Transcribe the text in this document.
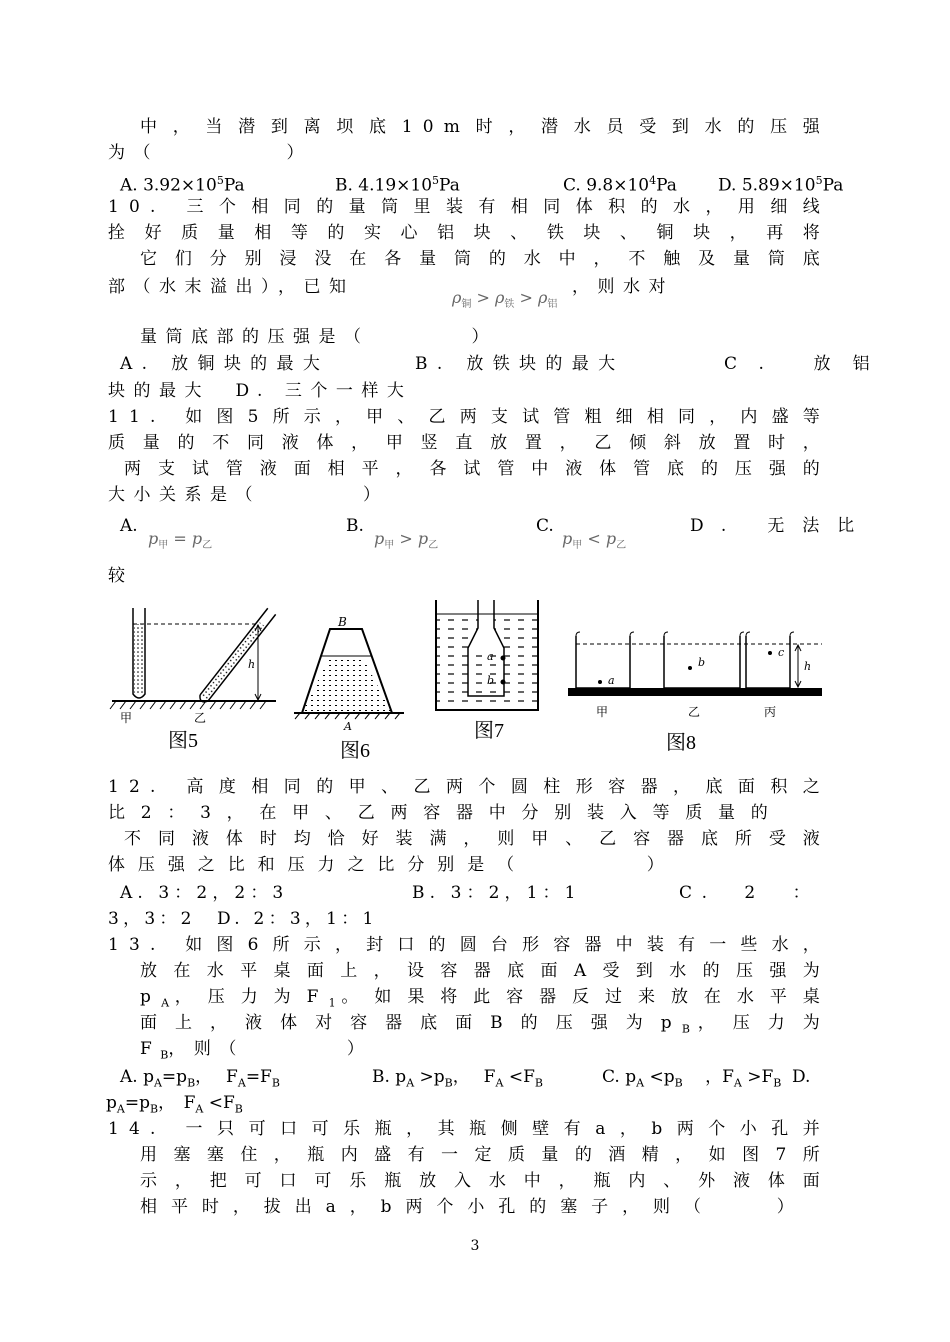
中，当潜到离坝底10m时，潜水员受到水的压强
为（　　　　　）
A. $3.92\times 10^5Pa$	B. $4.19\times 10^5Pa$	C. $9.8\times 10^4Pa$ D. $5.89\times 10^5Pa$
10. 三个相同的量筒里装有相同体积的水，用细线
拴好质量相等的实心铝块、铁块、铜块，再将
它们分别浸没在各量筒的水中，不触及量筒底
部（水末溢出），已知
$\rho_铜 > \rho_铁 > \rho_铝$
，则水对
量筒底部的压强是（　　　　）
A. 放铜块的最大	B. 放铁块的最大	C. 放铝
块的最大　D. 三个一样大
11. 如图5所示，甲、乙两支试管粗细相同，内盛等
质量的不同液体，甲竖直放置，乙倾斜放置时，
两支试管液面相平，各试管中液体管底的压强的
大小关系是（　　　　）
A.
$p_甲 = p_乙$
B.
$p_甲 > p_乙$
C.
$p_甲 < p_乙$
D. 无法比
较
h
甲	乙
图5
B
A
图6
a
b
图7
a
b
c
h
甲	乙	丙
图8
12. 高度相同的甲、乙两个圆柱形容器，底面积之
比2：3，在甲、乙两容器中分别装入等质量的
不同液体时均恰好装满，则甲、乙容器底所受液
体压强之比和压力之比分别是（　　　　）
A. 3：2，2：3	B. 3：2，1：1	C.　2　：
3，3：2　D. 2：3，1：1
13. 如图6所示，封口的圆台形容器中装有一些水，
放在水平桌面上，设容器底面A受到水的压强为
$p_A$，压力为$F_1$。如果将此容器反过来放在水平桌
面上，液体对容器底面B的压强为$p_B$，压力为
$F_B$，则（　　　　）
A. $p_A=p_B$，　 $F_A=F_B$	B. $p_A >p_B$，　 $F_A <F_B$	C. $p_A <p_B$　 ，$F_A >F_B$ D.
$p_A=p_B$，　$F_A <F_B$
14. 一只可口可乐瓶，其瓶侧壁有a，b两个小孔并
用塞塞住，瓶内盛有一定质量的酒精，如图7所
示，把可口可乐瓶放入水中，瓶内、外液体面
相平时，拔出a，b两个小孔的塞子，则（　　）
3
